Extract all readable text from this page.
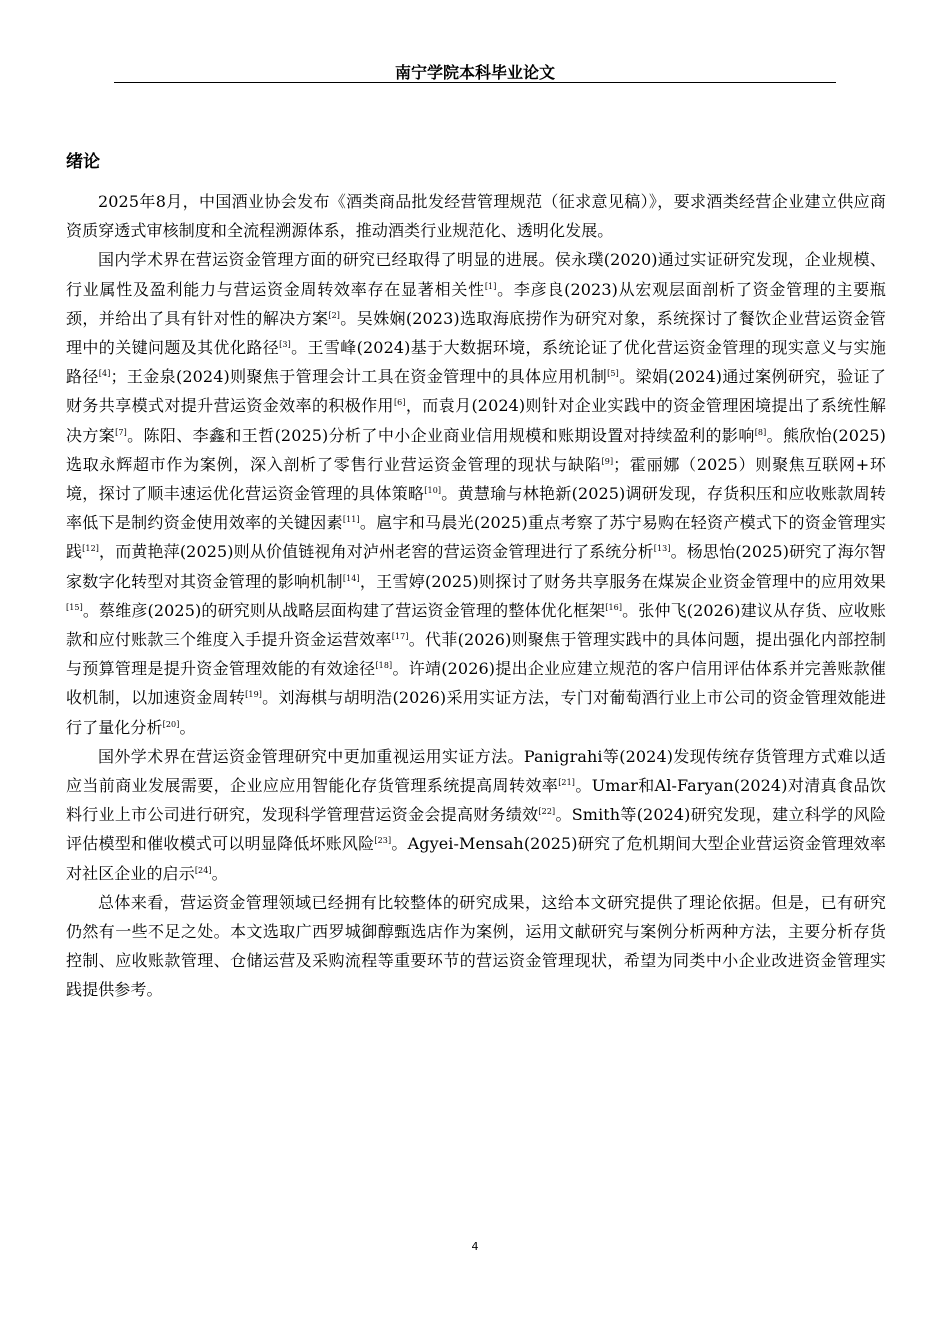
南宁学院本科毕业论文
绪论

2025年8月，中国酒业协会发布《酒类商品批发经营管理规范（征求意见稿）》，要求酒类经营企业建立供应商资质穿透式审核制度和全流程溯源体系，推动酒类行业规范化、透明化发展。

国内学术界在营运资金管理方面的研究已经取得了明显的进展。侯永璞(2020)通过实证研究发现，企业规模、行业属性及盈利能力与营运资金周转效率存在显著相关性[1]。李彦良(2023)从宏观层面剖析了资金管理的主要瓶颈，并给出了具有针对性的解决方案[2]。吴姝娴(2023)选取海底捞作为研究对象，系统探讨了餐饮企业营运资金管理中的关键问题及其优化路径[3]。王雪峰(2024)基于大数据环境，系统论证了优化营运资金管理的现实意义与实施路径[4]；王金泉(2024)则聚焦于管理会计工具在资金管理中的具体应用机制[5]。梁娟(2024)通过案例研究，验证了财务共享模式对提升营运资金效率的积极作用[6]，而袁月(2024)则针对企业实践中的资金管理困境提出了系统性解决方案[7]。陈阳、李鑫和王哲(2025)分析了中小企业商业信用规模和账期设置对持续盈利的影响[8]。熊欣怡(2025)选取永辉超市作为案例，深入剖析了零售行业营运资金管理的现状与缺陷[9]；霍丽娜（2025）则聚焦互联网+环境，探讨了顺丰速运优化营运资金管理的具体策略[10]。黄慧瑜与林艳新(2025)调研发现，存货积压和应收账款周转率低下是制约资金使用效率的关键因素[11]。扈宇和马晨光(2025)重点考察了苏宁易购在轻资产模式下的资金管理实践[12]，而黄艳萍(2025)则从价值链视角对泸州老窖的营运资金管理进行了系统分析[13]。杨思怡(2025)研究了海尔智家数字化转型对其资金管理的影响机制[14]，王雪婷(2025)则探讨了财务共享服务在煤炭企业资金管理中的应用效果[15]。蔡维彦(2025)的研究则从战略层面构建了营运资金管理的整体优化框架[16]。张仲飞(2026)建议从存货、应收账款和应付账款三个维度入手提升资金运营效率[17]。代菲(2026)则聚焦于管理实践中的具体问题，提出强化内部控制与预算管理是提升资金管理效能的有效途径[18]。许靖(2026)提出企业应建立规范的客户信用评估体系并完善账款催收机制，以加速资金周转[19]。刘海棋与胡明浩(2026)采用实证方法，专门对葡萄酒行业上市公司的资金管理效能进行了量化分析[20]。

国外学术界在营运资金管理研究中更加重视运用实证方法。Panigrahi等(2024)发现传统存货管理方式难以适应当前商业发展需要，企业应应用智能化存货管理系统提高周转效率[21]。Umar和Al-Faryan(2024)对清真食品饮料行业上市公司进行研究，发现科学管理营运资金会提高财务绩效[22]。Smith等(2024)研究发现，建立科学的风险评估模型和催收模式可以明显降低坏账风险[23]。Agyei-Mensah(2025)研究了危机期间大型企业营运资金管理效率对社区企业的启示[24]。

总体来看，营运资金管理领域已经拥有比较整体的研究成果，这给本文研究提供了理论依据。但是，已有研究仍然有一些不足之处。本文选取广西罗城御醇甄选店作为案例，运用文献研究与案例分析两种方法，主要分析存货控制、应收账款管理、仓储运营及采购流程等重要环节的营运资金管理现状，希望为同类中小企业改进资金管理实践提供参考。

4
